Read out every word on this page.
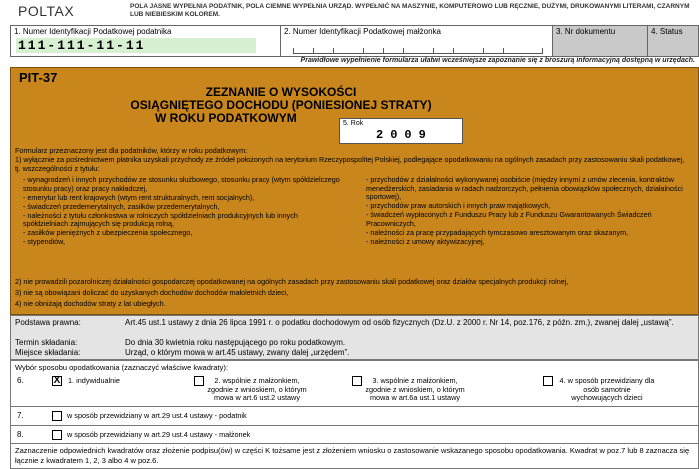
POLTAX	POLA JASNE WYPEŁNIA PODATNIK, POLA CIEMNE WYPEŁNIA URZĄD. WYPEŁNIĆ NA MASZYNIE, KOMPUTEROWO LUB RĘCZNIE, DUŻYMI, DRUKOWANYMI LITERAMI, CZARNYM LUB NIEBIESKIM KOLOREM.
1. Numer Identyfikacji Podatkowej podatnika
111-111-11-11
2. Numer Identyfikacji Podatkowej małżonka	3. Nr dokumentu	4. Status
Prawidłowe wypełnienie formularza ułatwi wcześniejsze zapoznanie się z broszurą informacyjną dostępną w urzędach.
PIT-37
ZEZNANIE O WYSOKOŚCI
OSIĄGNIĘTEGO DOCHODU (PONIESIONEJ STRATY)
W ROKU PODATKOWYM	5. Rok
2009
Formularz przeznaczony jest dla podatników, którzy w roku podatkowym:
1) wyłącznie za pośrednictwem płatnika uzyskali przychody ze źródeł położonych na terytorium Rzeczypospolitej Polskiej, podlegające opodatkowaniu na ogólnych zasadach przy zastosowaniu skali podatkowej, tj. wszczególności z tytułu:
- wynagrodzeń i innych przychodów ze stosunku służbowego, stosunku pracy (wtym spółdzielczego stosunku pracy) oraz pracy nakładczej,
- emerytur lub rent krajowych (wtym rent strukturalnych, rent socjalnych),
- świadczeń przedemerytalnych, zasiłków przedemerytalnych,
- należności z tytułu członkostwa w rolniczych spółdzielniach produkcyjnych lub innych spółdzielniach zajmujących się produkcją rolną,
- zasiłków pieniężnych z ubezpieczenia społecznego,
- stypendiów,
- przychodów z działalności wykonywanej osobiście (między innymi z umów zlecenia, kontraktów menedżerskich, zasiadania w radach nadzorczych, pełnienia obowiązków społecznych, działalności sportowej),
- przychodów praw autorskich i innych praw majątkowych,
- świadczeń wypłaconych z Funduszu Pracy lub z Funduszu Gwarantowanych Świadczeń Pracowniczych,
- należności za pracę przypadających tymczasowo aresztowanym oraz skazanym,
- należności z umowy aktywizacyjnej,
2) nie prowadzili pozarolniczej działalności gospodarczej opodatkowanej na ogólnych zasadach przy zastosowaniu skali podatkowej oraz działów specjalnych produkcji rolnej,
3) nie są obowiązani doliczać do uzyskanych dochodów dochodów małoletnich dzieci,
4) nie obniżają dochodów straty z lat ubiegłych.
Podstawa prawna:	Art.45 ust.1 ustawy z dnia 26 lipca 1991 r. o podatku dochodowym od osób fizycznych (Dz.U. z 2000 r. Nr 14, poz.176, z późn. zm.), zwanej dalej „ustawą”.
Termin składania:	Do dnia 30 kwietnia roku następującego po roku podatkowym.
Miejsce składania:	Urząd, o którym mowa w art.45 ustawy, zwany dalej „urzędem”.
Wybór sposobu opodatkowania (zaznaczyć właściwe kwadraty):
6.	X 1. indywidualnie	2. wspólnie z małżonkiem, zgodnie z wnioskiem, o którym mowa w art.6 ust.2 ustawy
3. wspólnie z małżonkiem, zgodnie z wnioskiem, o którym mowa w art.6a ust.1 ustawy
4. w sposób przewidziany dla osób samotnie wychowujących dzieci
7.	w sposób przewidziany w art.29 ust.4 ustawy - podatnik
8.	w sposób przewidziany w art.29 ust.4 ustawy - małżonek
Zaznaczenie odpowiednich kwadratów oraz złożenie podpisu(ów) w części K tożsame jest z złożeniem wniosku o zastosowanie wskazanego sposobu opodatkowania. Kwadrat w poz.7 lub 8 zaznacza się łącznie z kwadratem 1, 2, 3 albo 4 w poz.6.
